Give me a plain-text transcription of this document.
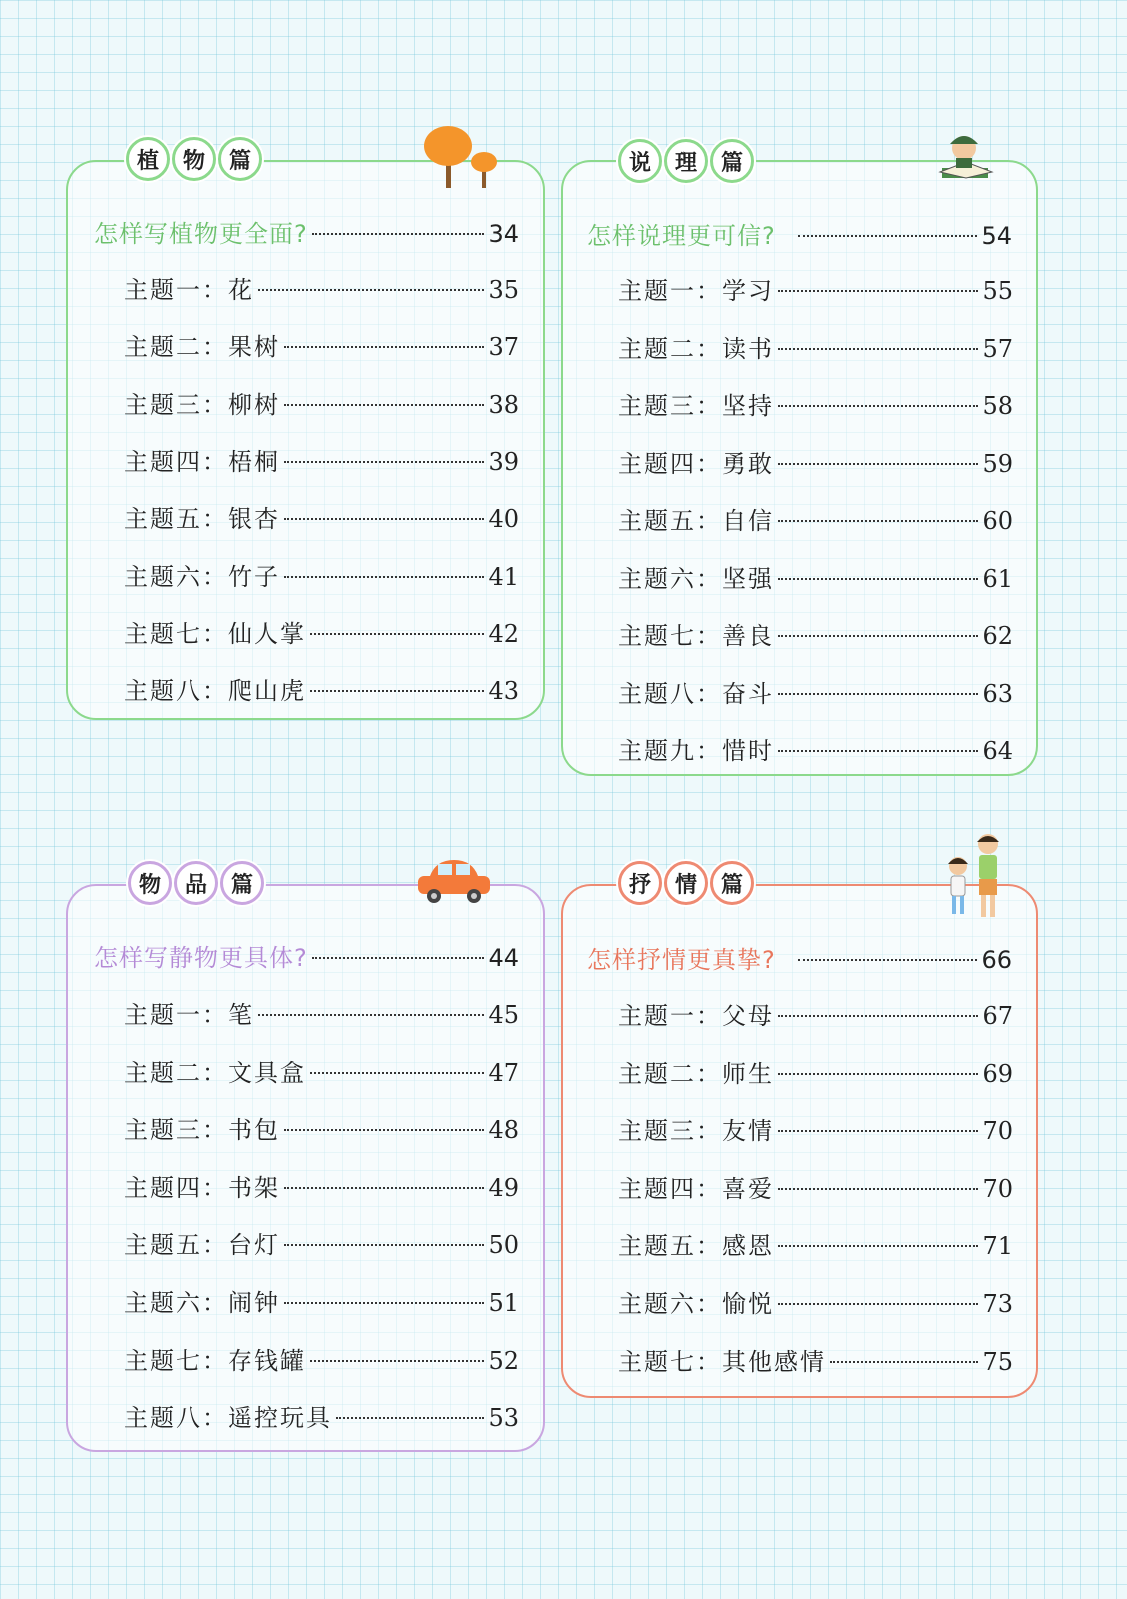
植	物	篇
怎样写植物更全面?	34
主题一：花	35
主题二：果树	37
主题三：柳树	38
主题四：梧桐	39
主题五：银杏	40
主题六：竹子	41
主题七：仙人掌	42
主题八：爬山虎	43
说	理	篇
怎样说理更可信?	54
主题一：学习	55
主题二：读书	57
主题三：坚持	58
主题四：勇敢	59
主题五：自信	60
主题六：坚强	61
主题七：善良	62
主题八：奋斗	63
主题九：惜时	64
物	品	篇
怎样写静物更具体?	44
主题一：笔	45
主题二：文具盒	47
主题三：书包	48
主题四：书架	49
主题五：台灯	50
主题六：闹钟	51
主题七：存钱罐	52
主题八：遥控玩具	53
抒	情	篇
怎样抒情更真挚?	66
主题一：父母	67
主题二：师生	69
主题三：友情	70
主题四：喜爱	70
主题五：感恩	71
主题六：愉悦	73
主题七：其他感情	75
